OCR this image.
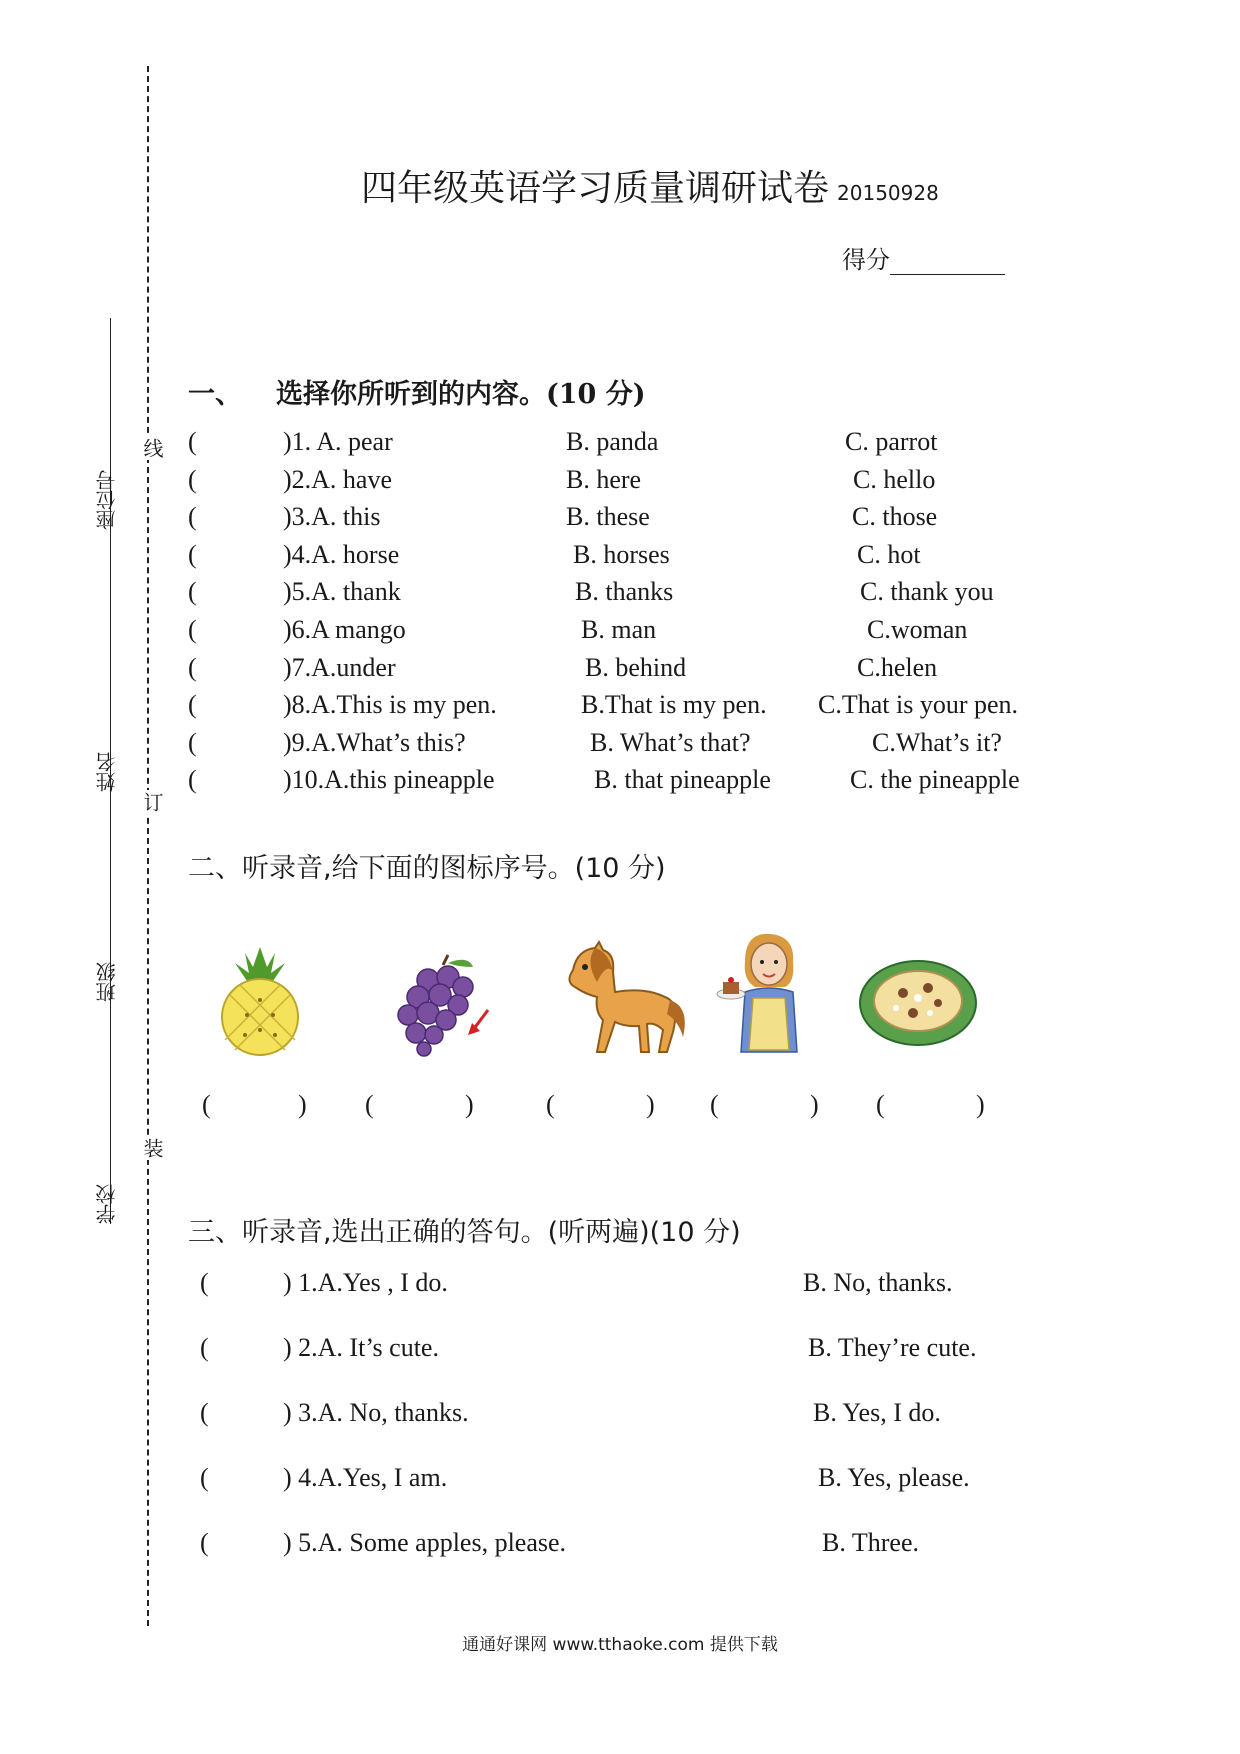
线
订
装
座位号
姓名
班级
学校
四年级英语学习质量调研试卷 20150928
得分
一、 选择你所听到的内容。(10 分)
(	)1. A. pear	B. panda	C. parrot
(	)2.A. have	B. here	C. hello
(	)3.A. this	B. these	C. those
(	)4.A. horse	B. horses	C. hot
(	)5.A. thank	B. thanks	C. thank you
(	)6.A mango	B. man	C.woman
(	)7.A.under	B. behind	C.helen
(	)8.A.This is my pen.	B.That is my pen. C.That is your pen.
(	)9.A.What’s this?	B. What’s that?	C.What’s it?
(	)10.A.this pineapple	B. that pineapple	C. the pineapple
二、听录音,给下面的图标序号。(10 分)
(	) (	)	(	) (	) (	)
三、听录音,选出正确的答句。(听两遍)(10 分)
(	) 1.A.Yes , I do.	B. No, thanks.
(	) 2.A. It’s cute.	B. They’re cute.
(	) 3.A. No, thanks.	B. Yes, I do.
(	) 4.A.Yes, I am.	B. Yes, please.
(	) 5.A. Some apples, please.	B. Three.
通通好课网 www.tthaoke.com 提供下载
